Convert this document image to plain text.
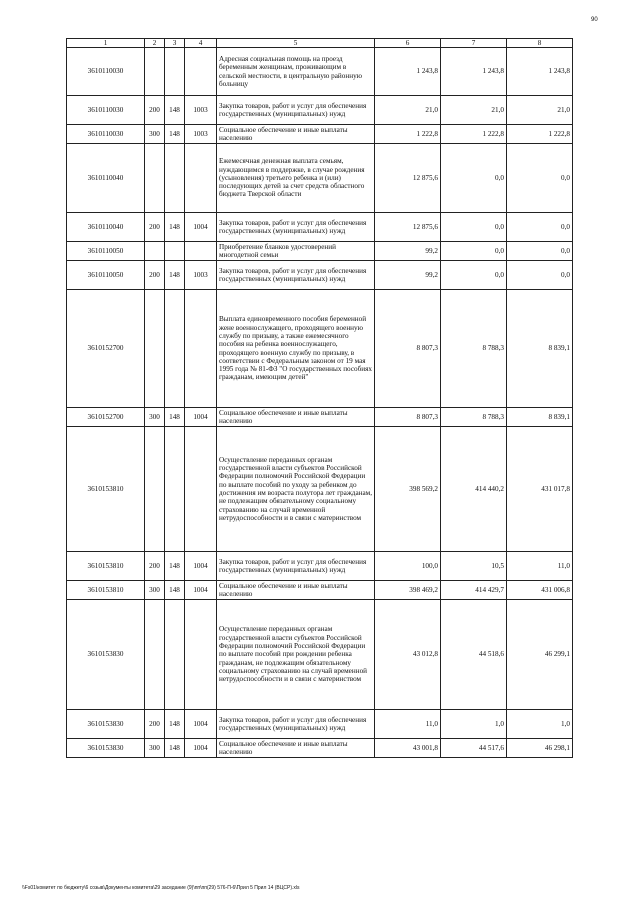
90
1	2	3	4	5	6	7	8
3610110030				Адресная социальная помощь на проезд беременным женщинам, проживающим в сельской местности, в центральную районную больницу	1 243,8	1 243,8	1 243,8
3610110030	200	148	1003	Закупка товаров, работ и услуг для обеспечения государственных (муниципальных) нужд	21,0	21,0	21,0
3610110030	300	148	1003	Социальное обеспечение и иные выплаты населению	1 222,8	1 222,8	1 222,8
3610110040				Ежемесячная денежная выплата семьям, нуждающимся в поддержке, в случае рождения (усыновления) третьего ребенка и (или) последующих детей за счет средств областного бюджета Тверской области	12 875,6	0,0	0,0
3610110040	200	148	1004	Закупка товаров, работ и услуг для обеспечения государственных (муниципальных) нужд	12 875,6	0,0	0,0
3610110050				Приобретение бланков удостоверений многодетной семьи	99,2	0,0	0,0
3610110050	200	148	1003	Закупка товаров, работ и услуг для обеспечения государственных (муниципальных) нужд	99,2	0,0	0,0
3610152700				Выплата единовременного пособия беременной жене военнослужащего, проходящего военную службу по призыву, а также ежемесячного пособия на ребенка военнослужащего, проходящего военную службу по призыву, в соответствии с Федеральным законом от 19 мая 1995 года № 81-ФЗ "О государственных пособиях гражданам, имеющим детей"	8 807,3	8 788,3	8 839,1
3610152700	300	148	1004	Социальное обеспечение и иные выплаты населению	8 807,3	8 788,3	8 839,1
3610153810				Осуществление переданных органам государственной власти субъектов Российской Федерации полномочий Российской Федерации по выплате пособий по уходу за ребенком до достижения им возраста полутора лет гражданам, не подлежащим обязательному социальному страхованию на случай временной нетрудоспособности и в связи с материнством	398 569,2	414 440,2	431 017,8
3610153810	200	148	1004	Закупка товаров, работ и услуг для обеспечения государственных (муниципальных) нужд	100,0	10,5	11,0
3610153810	300	148	1004	Социальное обеспечение и иные выплаты населению	398 469,2	414 429,7	431 006,8
3610153830				Осуществление переданных органам государственной власти субъектов Российской Федерации полномочий Российской Федерации по выплате пособий при рождении ребенка гражданам, не подлежащим обязательному социальному страхованию на случай временной нетрудоспособности и в связи с материнством	43 012,8	44 518,6	46 299,1
3610153830	200	148	1004	Закупка товаров, работ и услуг для обеспечения государственных (муниципальных) нужд	11,0	1,0	1,0
3610153830	300	148	1004	Социальное обеспечение и иные выплаты населению	43 001,8	44 517,6	46 298,1
\\Fs01\комитет по бюджету\6 созыв\Документы комитета\29 заседание (9)\пп\пп(29) 576-П-6\Прил 5 Прил 14 (ВЦСР).xls
